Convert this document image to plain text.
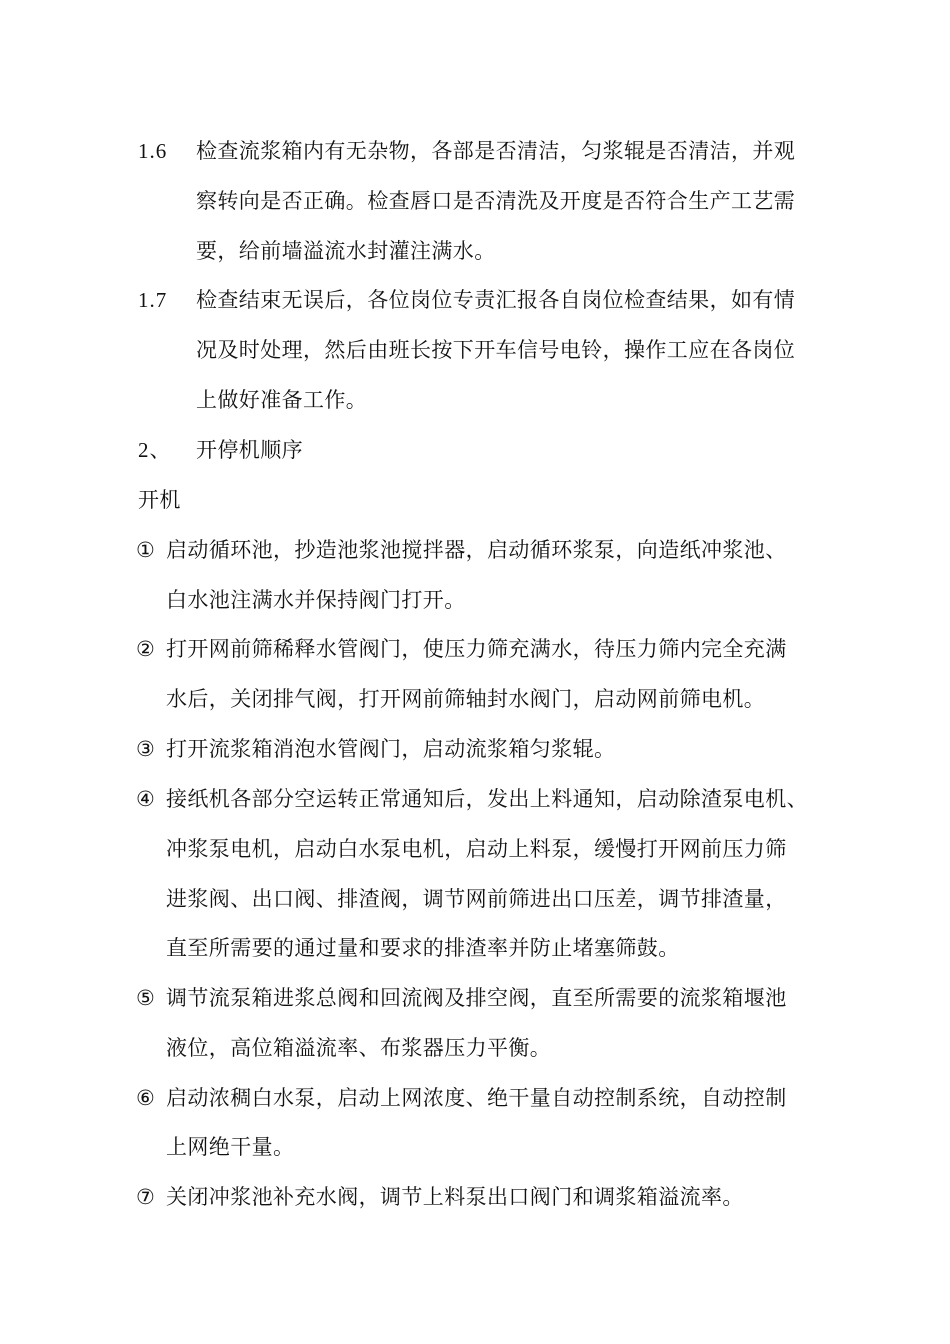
1.6 检查流浆箱内有无杂物，各部是否清洁，匀浆辊是否清洁，并观
察转向是否正确。检查唇口是否清洗及开度是否符合生产工艺需
要，给前墙溢流水封灌注满水。
1.7 检查结束无误后，各位岗位专责汇报各自岗位检查结果，如有情
况及时处理，然后由班长按下开车信号电铃，操作工应在各岗位
上做好准备工作。
2、 开停机顺序
开机
① 启动循环池，抄造池浆池搅拌器，启动循环浆泵，向造纸冲浆池、
白水池注满水并保持阀门打开。
② 打开网前筛稀释水管阀门，使压力筛充满水，待压力筛内完全充满
水后，关闭排气阀，打开网前筛轴封水阀门，启动网前筛电机。
③ 打开流浆箱消泡水管阀门，启动流浆箱匀浆辊。
④ 接纸机各部分空运转正常通知后，发出上料通知，启动除渣泵电机、
冲浆泵电机，启动白水泵电机，启动上料泵，缓慢打开网前压力筛
进浆阀、出口阀、排渣阀，调节网前筛进出口压差，调节排渣量，
直至所需要的通过量和要求的排渣率并防止堵塞筛鼓。
⑤ 调节流泵箱进浆总阀和回流阀及排空阀，直至所需要的流浆箱堰池
液位，高位箱溢流率、布浆器压力平衡。
⑥ 启动浓稠白水泵，启动上网浓度、绝干量自动控制系统，自动控制
上网绝干量。
⑦ 关闭冲浆池补充水阀，调节上料泵出口阀门和调浆箱溢流率。
